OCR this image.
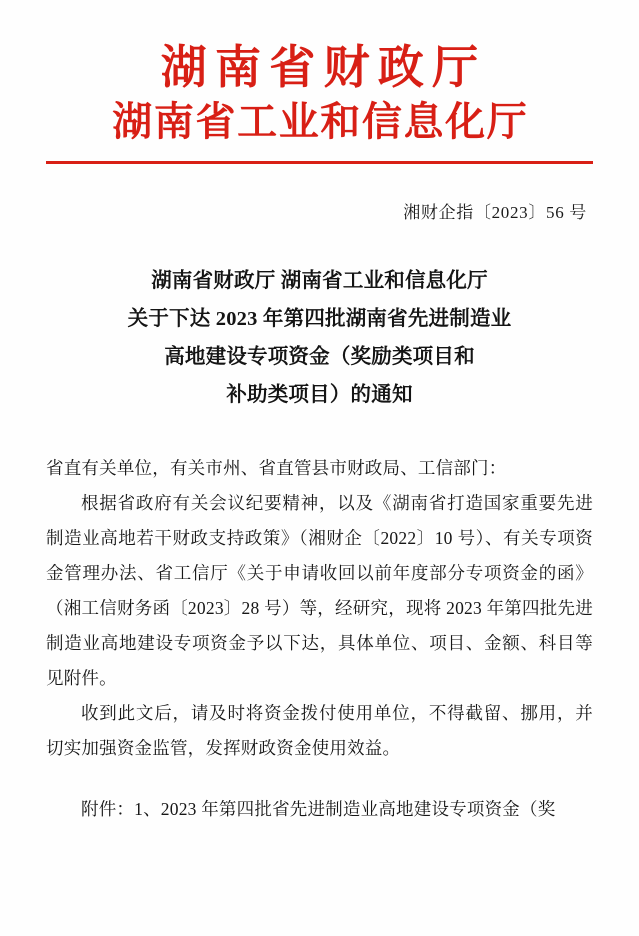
湖南省财政厅
湖南省工业和信息化厅
湘财企指〔2023〕56 号
湖南省财政厅 湖南省工业和信息化厅
关于下达 2023 年第四批湖南省先进制造业
高地建设专项资金（奖励类项目和
补助类项目）的通知

省直有关单位，有关市州、省直管县市财政局、工信部门：

根据省政府有关会议纪要精神，以及《湖南省打造国家重要先进制造业高地若干财政支持政策》（湘财企〔2022〕10 号）、有关专项资金管理办法、省工信厅《关于申请收回以前年度部分专项资金的函》（湘工信财务函〔2023〕28 号）等，经研究，现将 2023 年第四批先进制造业高地建设专项资金予以下达，具体单位、项目、金额、科目等见附件。

收到此文后，请及时将资金拨付使用单位，不得截留、挪用，并切实加强资金监管，发挥财政资金使用效益。

附件：1、2023 年第四批省先进制造业高地建设专项资金（奖
